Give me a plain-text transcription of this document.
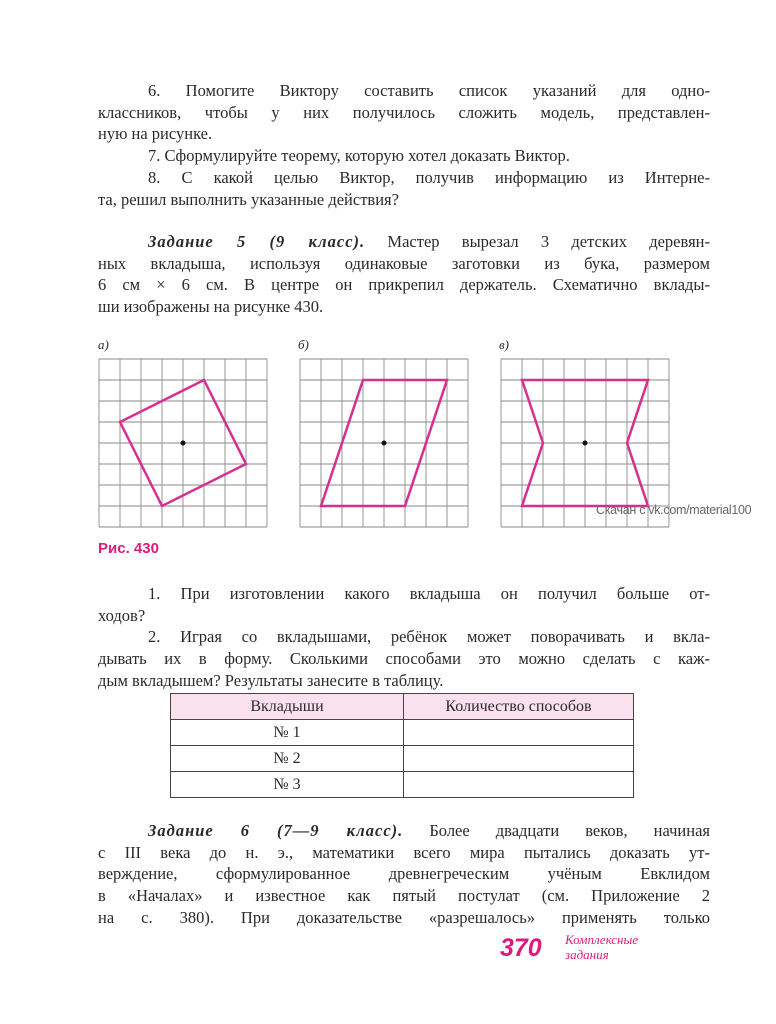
6. Помогите Виктору составить список указаний для одно-
классников, чтобы у них получилось сложить модель, представлен-
ную на рисунке.
7. Сформулируйте теорему, которую хотел доказать Виктор.
8. С какой целью Виктор, получив информацию из Интерне-
та, решил выполнить указанные действия?
Задание 5 (9 класс). Мастер вырезал 3 детских деревян-
ных вкладыша, используя одинаковые заготовки из бука, размером
6 см × 6 см. В центре он прикрепил держатель. Схематично вклады-
ши изображены на рисунке 430.
а)	б)	в)
Скачан с vk.com/material100
Рис. 430
1. При изготовлении какого вкладыша он получил больше от-
ходов?
2. Играя со вкладышами, ребёнок может поворачивать и вкла-
дывать их в форму. Сколькими способами это можно сделать с каж-
дым вкладышем? Результаты занесите в таблицу.
Вкладыши	Количество способов
№ 1	
№ 2	
№ 3	
Задание 6 (7—9 класс). Более двадцати веков, начиная
с III века до н. э., математики всего мира пытались доказать ут-
верждение, сформулированное древнегреческим учёным Евклидом
в «Началах» и известное как пятый постулат (см. Приложение 2
на с. 380). При доказательстве «разрешалось» применять только
370 Комплексные
задания
